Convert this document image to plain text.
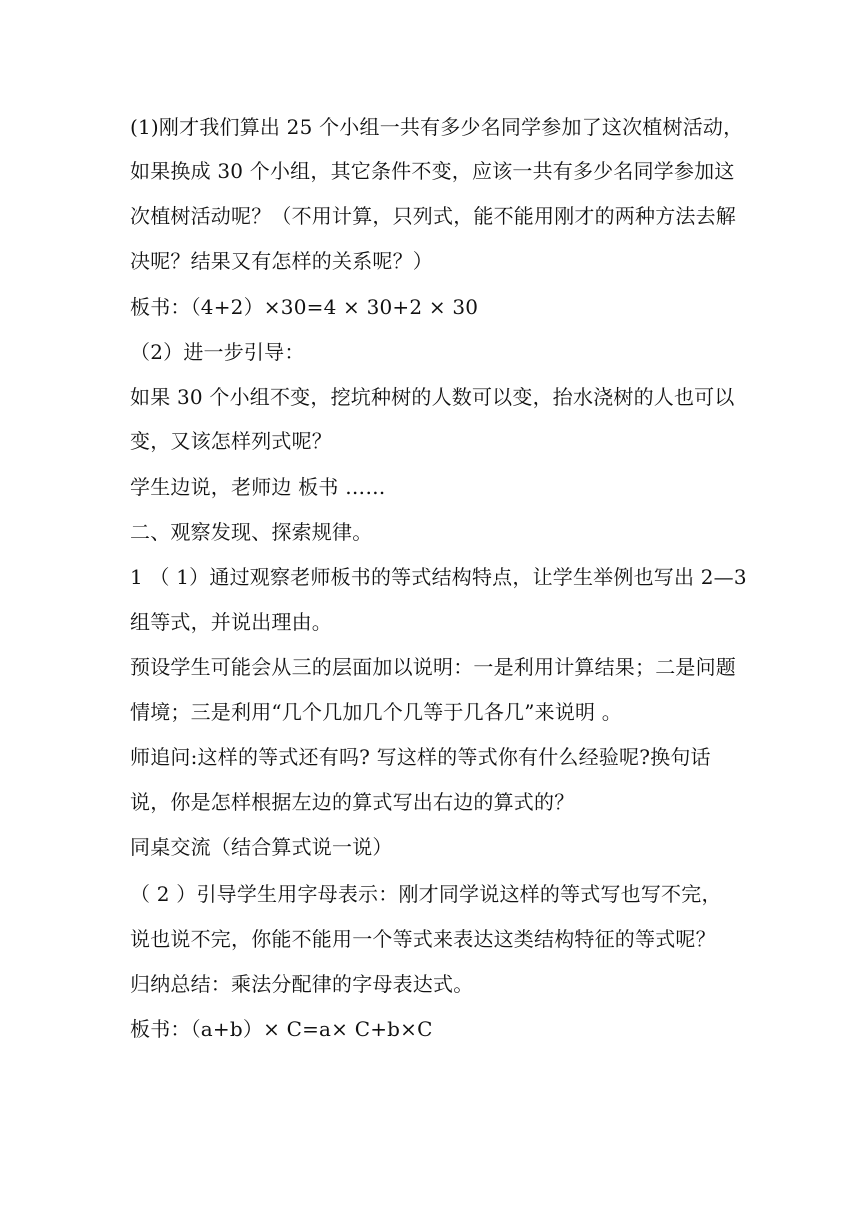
(1)刚才我们算出 25 个小组一共有多少名同学参加了这次植树活动，
如果换成 30 个小组，其它条件不变，应该一共有多少名同学参加这
次植树活动呢？（不用计算，只列式，能不能用刚才的两种方法去解
决呢？结果又有怎样的关系呢？）
板书：（4+2）×30=4 × 30+2 × 30
（2）进一步引导：
如果 30 个小组不变，挖坑种树的人数可以变，抬水浇树的人也可以
变，又该怎样列式呢？
学生边说，老师边 板书 ……
二、观察发现、探索规律。
1 （ 1）通过观察老师板书的等式结构特点，让学生举例也写出 2—3
组等式，并说出理由。
预设学生可能会从三的层面加以说明：一是利用计算结果；二是问题
情境；三是利用“几个几加几个几等于几各几”来说明 。
师追问:这样的等式还有吗? 写这样的等式你有什么经验呢?换句话
说，你是怎样根据左边的算式写出右边的算式的？
同桌交流（结合算式说一说）
（ 2 ）引导学生用字母表示：刚才同学说这样的等式写也写不完，
说也说不完，你能不能用一个等式来表达这类结构特征的等式呢？
归纳总结：乘法分配律的字母表达式。
板书：（a+b）× C=a× C+b×C
